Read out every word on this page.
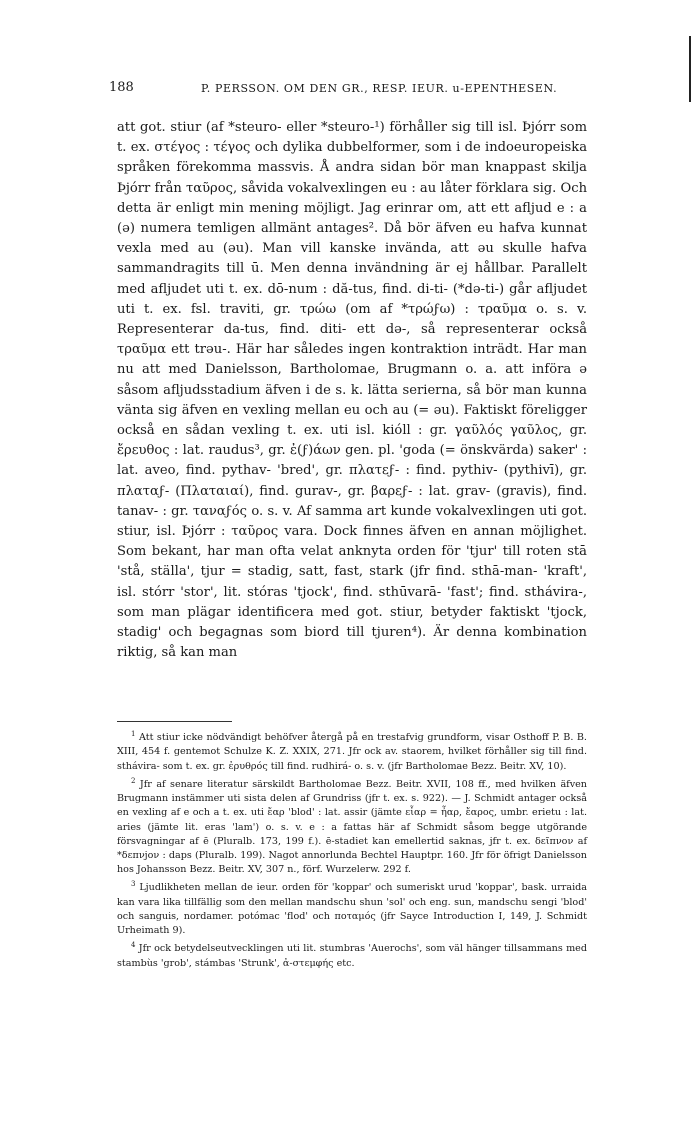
188	P. PERSSON. OM DEN GR., RESP. IEUR. u-EPENTHESEN.

att got. stiur (af *steuro- eller *steuro-¹) förhåller sig till isl. Þjórr som t. ex. στέγος : τέγος och dylika dubbelformer, som i de indoeuropeiska språken förekomma massvis. Å andra sidan bör man knappast skilja Þjórr från ταῦρος, såvida vokalvexlingen eu : au låter förklara sig. Och detta är enligt min mening möjligt. Jag erinrar om, att ett afljud e : a (ə) numera temligen allmänt antages². Då bör äfven eu hafva kunnat vexla med au (əu). Man vill kanske invända, att əu skulle hafva sammandragits till ū. Men denna invändning är ej hållbar. Parallelt med afljudet uti t. ex. dō-num : dă-tus, find. di-ti- (*də-ti-) går afljudet uti t. ex. fsl. traviti, gr. τρώω (om af *τρώϝω) : τραῦμα o. s. v. Representerar da-tus, find. diti- ett də-, så representerar också τραῦμα ett trəu-. Här har således ingen kontraktion inträdt. Har man nu att med Danielsson, Bartholomae, Brugmann o. a. att införa ə såsom afljudsstadium äfven i de s. k. lätta serierna, så bör man kunna vänta sig äfven en vexling mellan eu och au (= əu). Faktiskt föreligger också en sådan vexling t. ex. uti isl. kióll : gr. γαῦλός γαῦλος, gr. ἔρευθος : lat. raudus³, gr. ἐ(ϝ)άων gen. pl. 'goda (= önskvärda) saker' : lat. aveo, find. pythav- 'bred', gr. πλατεϝ- : find. pythiv- (pythivī), gr. πλαταϝ- (Πλαταιαί), find. gurav-, gr. βαρεϝ- : lat. grav- (gravis), find. tanav- : gr. ταναϝός o. s. v. Af samma art kunde vokalvexlingen uti got. stiur, isl. Þjórr : ταῦρος vara. Dock finnes äfven en annan möjlighet. Som bekant, har man ofta velat anknyta orden för 'tjur' till roten stā 'stå, ställa', tjur = stadig, satt, fast, stark (jfr find. sthā-man- 'kraft', isl. stórr 'stor', lit. stóras 'tjock', find. sthūvarā- 'fast'; find. sthávira-, som man plägar identificera med got. stiur, betyder faktiskt 'tjock, stadig' och begagnas som biord till tjuren⁴). Är denna kombination riktig, så kan man

$^1$ Att stiur icke nödvändigt behöfver återgå på en trestafvig grundform, visar Osthoff P. B. B. XIII, 454 f. gentemot Schulze K. Z. XXIX, 271. Jfr ock av. staorem, hvilket förhåller sig till find. sthávira- som t. ex. gr. ἐρυθρός till find. rudhirá- o. s. v. (jfr Bartholomae Bezz. Beitr. XV, 10).

$^2$ Jfr af senare literatur särskildt Bartholomae Bezz. Beitr. XVII, 108 ff., med hvilken äfven Brugmann instämmer uti sista delen af Grundriss (jfr t. ex. s. 922). — J. Schmidt antager också en vexling af e och a t. ex. uti ἔαρ 'blod' : lat. assir (jämte εἶαρ = ἦαρ, ἔαρος, umbr. erietu : lat. aries (jämte lit. eras 'lam') o. s. v. e : a fattas här af Schmidt såsom begge utgörande försvagningar af ē (Pluralb. 173, 199 f.). ē-stadiet kan emellertid saknas, jfr t. ex. δεῖπνον af *δεπνjον : daps (Pluralb. 199). Nagot annorlunda Bechtel Hauptpr. 160. Jfr för öfrigt Danielsson hos Johansson Bezz. Beitr. XV, 307 n., förf. Wurzelerw. 292 f.

$^3$ Ljudlikheten mellan de ieur. orden för 'koppar' och sumeriskt urud 'koppar', bask. urraida kan vara lika tillfällig som den mellan mandschu shun 'sol' och eng. sun, mandschu sengi 'blod' och sanguis, nordamer. potómac 'flod' och ποταμός (jfr Sayce Introduction I, 149, J. Schmidt Urheimath 9).

$^4$ Jfr ock betydelseutvecklingen uti lit. stumbras 'Auerochs', som väl hänger tillsammans med stambùs 'grob', stámbas 'Strunk', ἀ-στεμφής etc.
